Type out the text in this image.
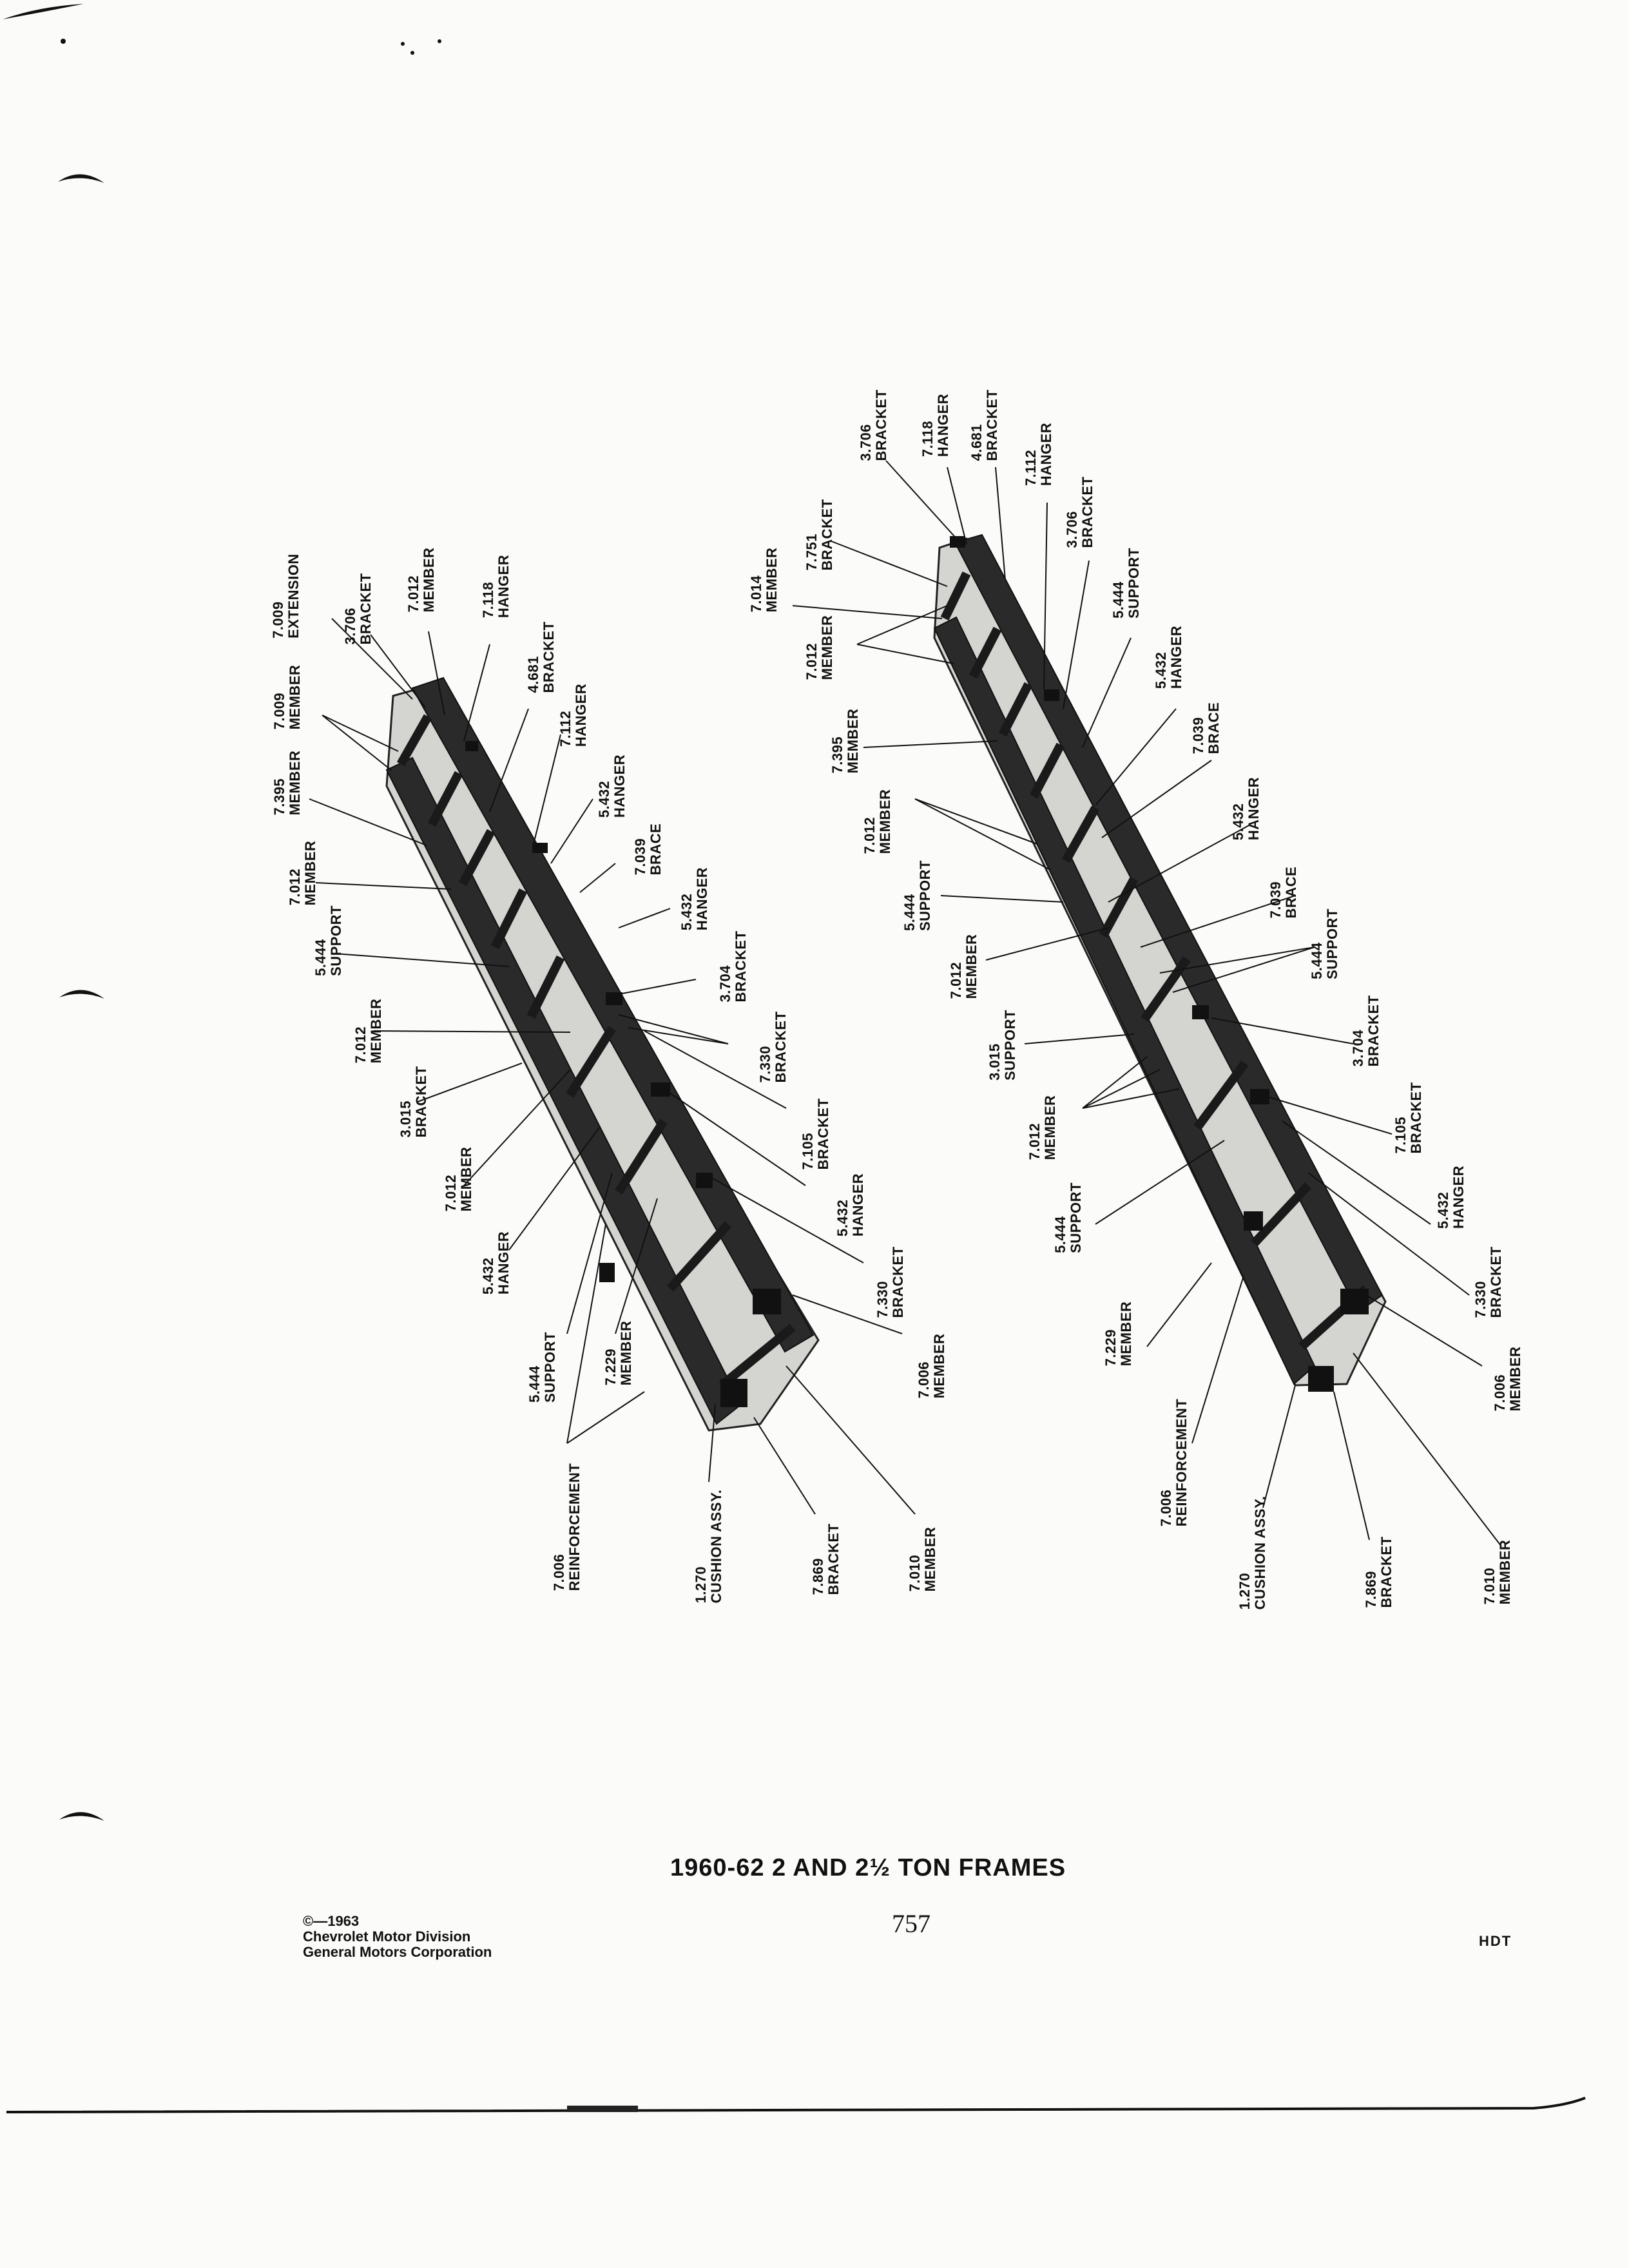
7.009 EXTENSION	3.706 BRACKET 7.012 MEMBER	7.118 HANGER
4.681 BRACKET
7.009 MEMBER	7.112 HANGER
7.395 MEMBER	5.432 HANGER
7.039 BRACE
7.012 MEMBER
5.432 HANGER
5.444 SUPPORT
3.704 BRACKET
7.012 MEMBER
7.330 BRACKET
3.015 BRACKET
7.105 BRACKET
7.012 MEMBER
5.432 HANGER
5.432 HANGER
7.330 BRACKET
5.444 SUPPORT	7.229 MEMBER	7.006 MEMBER
7.006 REINFORCEMENT	1.270 CUSHION ASSY.	7.869 BRACKET	7.010 MEMBER
3.706 BRACKET 7.118 HANGER 4.681 BRACKET
7.112 HANGER
7.751 BRACKET	3.706 BRACKET
7.014 MEMBER	5.444 SUPPORT
7.012 MEMBER	5.432 HANGER
7.039 BRACE
7.395 MEMBER
7.012 MEMBER	5.432 HANGER
5.444 SUPPORT	7.039 BRACE
7.012 MEMBER	5.444 SUPPORT
3.015 SUPPORT	3.704 BRACKET
7.012 MEMBER	7.105 BRACKET
5.444 SUPPORT	5.432 HANGER
7.330 BRACKET
7.229 MEMBER
7.006 MEMBER
7.006 REINFORCEMENT
1.270 CUSHION ASSY.	7.869 BRACKET	7.010 MEMBER
1960-62 2 AND 2½ TON FRAMES
757
©—1963
Chevrolet Motor Division
General Motors Corporation
HDT
